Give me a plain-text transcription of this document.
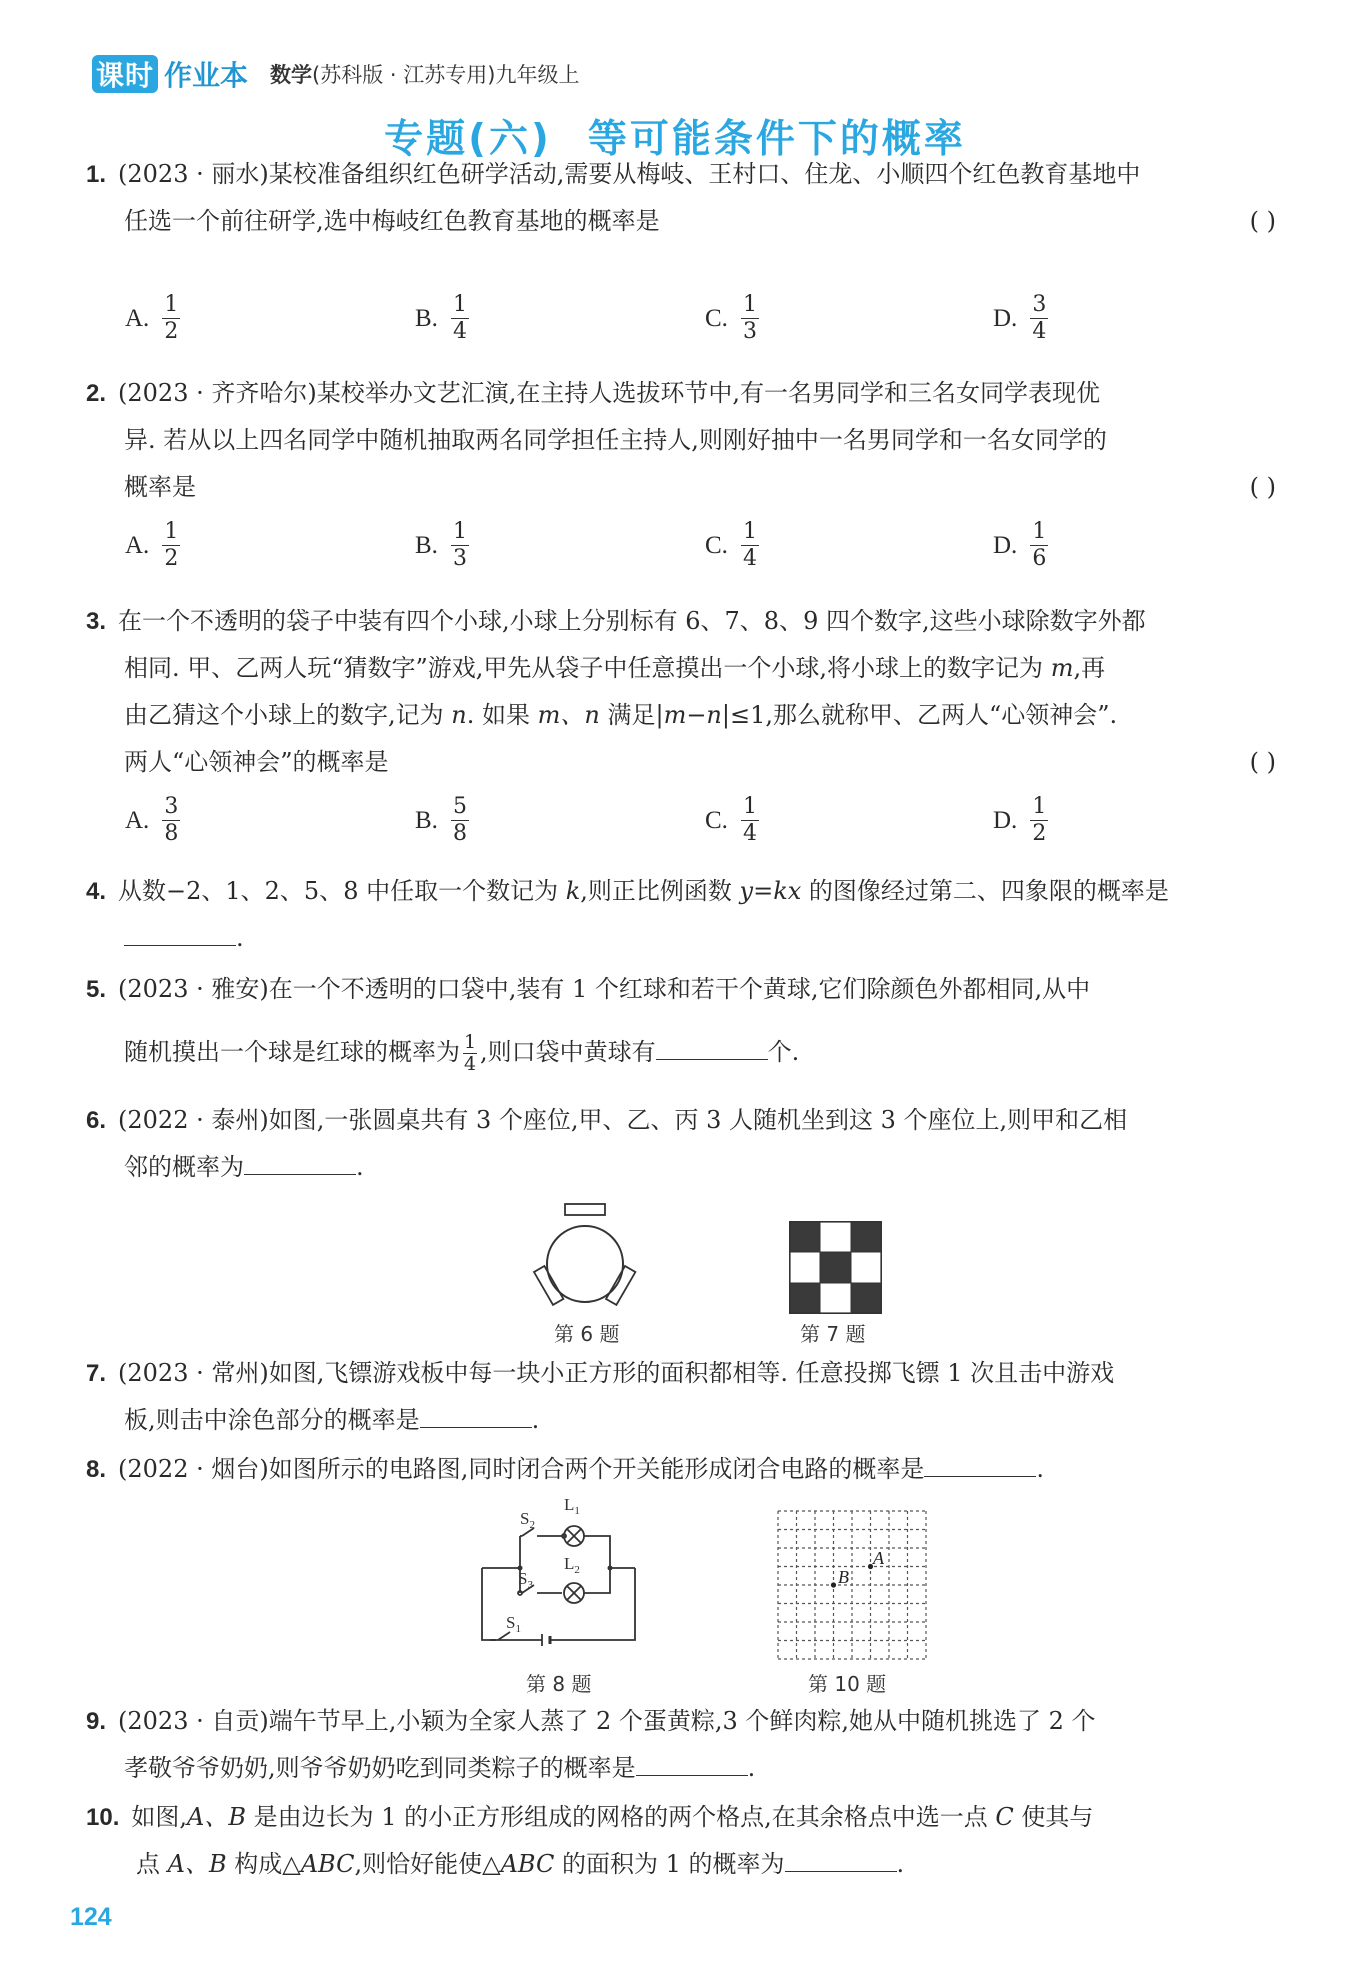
课时 作业本 数学(苏科版 · 江苏专用)九年级上
专题(六) 等可能条件下的概率
1. (2023 · 丽水)某校准备组织红色研学活动,需要从梅岐、王村口、住龙、小顺四个红色教育基地中
任选一个前往研学,选中梅岐红色教育基地的概率是	( )
A. $\frac{1}{2}$	B. $\frac{1}{4}$	C. $\frac{1}{3}$	D. $\frac{3}{4}$
2. (2023 · 齐齐哈尔)某校举办文艺汇演,在主持人选拔环节中,有一名男同学和三名女同学表现优
异. 若从以上四名同学中随机抽取两名同学担任主持人,则刚好抽中一名男同学和一名女同学的
概率是	( )
A. $\frac{1}{2}$	B. $\frac{1}{3}$	C. $\frac{1}{4}$	D. $\frac{1}{6}$
3. 在一个不透明的袋子中装有四个小球,小球上分别标有 6、7、8、9 四个数字,这些小球除数字外都
相同. 甲、乙两人玩“猜数字”游戏,甲先从袋子中任意摸出一个小球,将小球上的数字记为 m,再
由乙猜这个小球上的数字,记为 n. 如果 m、n 满足|m−n|≤1,那么就称甲、乙两人“心领神会”.
两人“心领神会”的概率是	( )
A. $\frac{3}{8}$	B. $\frac{5}{8}$	C. $\frac{1}{4}$	D. $\frac{1}{2}$
4. 从数−2、1、2、5、8 中任取一个数记为 k,则正比例函数 y=kx 的图像经过第二、四象限的概率是
.
5. (2023 · 雅安)在一个不透明的口袋中,装有 1 个红球和若干个黄球,它们除颜色外都相同,从中
随机摸出一个球是红球的概率为 $\frac{1}{4}$ ,则口袋中黄球有	个.
6. (2022 · 泰州)如图,一张圆桌共有 3 个座位,甲、乙、丙 3 人随机坐到这 3 个座位上,则甲和乙相
邻的概率为	.
第 6 题	第 7 题
7. (2023 · 常州)如图,飞镖游戏板中每一块小正方形的面积都相等. 任意投掷飞镖 1 次且击中游戏
板,则击中涂色部分的概率是	.
8. (2022 · 烟台)如图所示的电路图,同时闭合两个开关能形成闭合电路的概率是	.
$S_2$
$L_1$
$S_3$
$L_2$
$S_1$
第 8 题
A
B
第 10 题
9. (2023 · 自贡)端午节早上,小颖为全家人蒸了 2 个蛋黄粽,3 个鲜肉粽,她从中随机挑选了 2 个
孝敬爷爷奶奶,则爷爷奶奶吃到同类粽子的概率是	.
10. 如图,A、B 是由边长为 1 的小正方形组成的网格的两个格点,在其余格点中选一点 C 使其与
点 A、B 构成△ABC,则恰好能使△ABC 的面积为 1 的概率为	.
124
